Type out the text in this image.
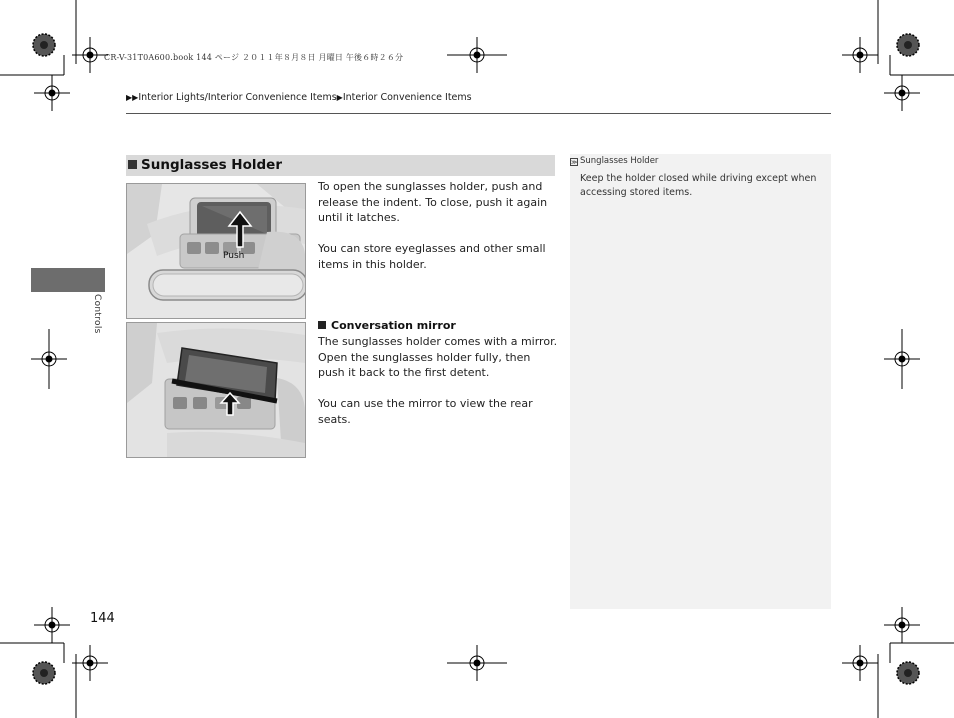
CR-V-31T0A600.book 144 ページ ２０１１年８月８日 月曜日 午後６時２６分
▶▶Interior Lights/Interior Convenience Items▶Interior Convenience Items
Controls
Sunglasses Holder
Push
To open the sunglasses holder, push and release the indent. To close, push it again until it latches.
You can store eyeglasses and other small items in this holder.
Conversation mirror
The sunglasses holder comes with a mirror. Open the sunglasses holder fully, then push it back to the first detent.
You can use the mirror to view the rear seats.
≫ Sunglasses Holder
Keep the holder closed while driving except when accessing stored items.
144
